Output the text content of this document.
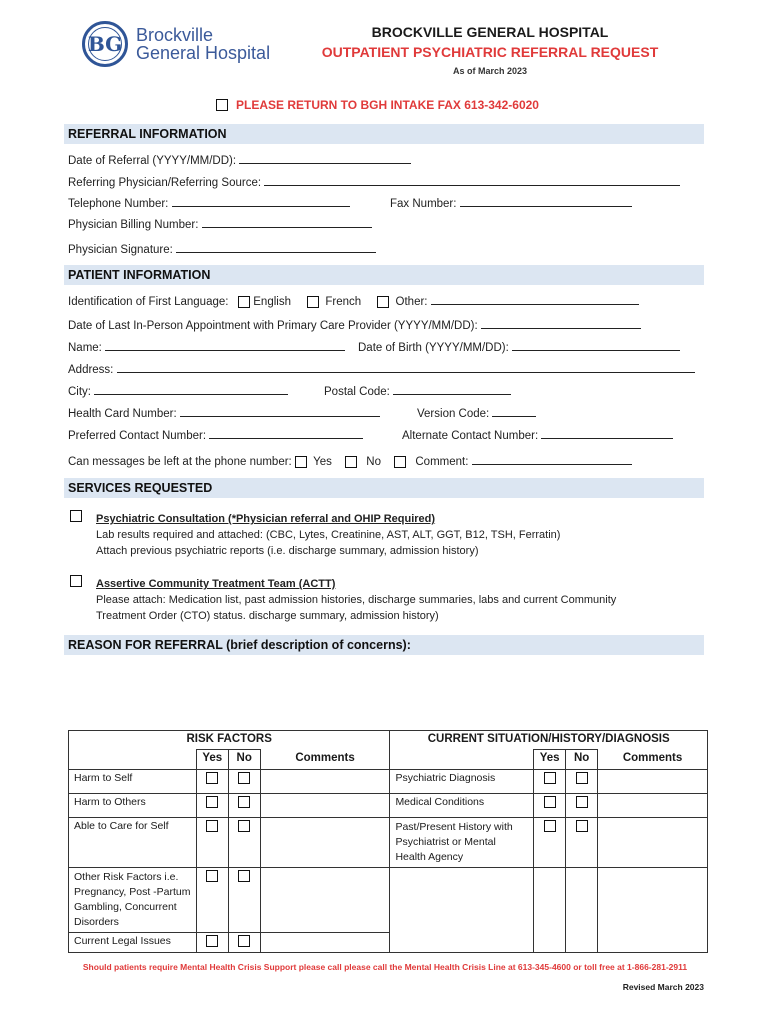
BG Brockville
General Hospital
BROCKVILLE GENERAL HOSPITAL
OUTPATIENT PSYCHIATRIC REFERRAL REQUEST
As of March 2023
PLEASE RETURN TO BGH INTAKE FAX 613-342-6020
REFERRAL INFORMATION
Date of Referral (YYYY/MM/DD):
Referring Physician/Referring Source:
Telephone Number:	Fax Number:
Physician Billing Number:
Physician Signature:
PATIENT INFORMATION
Identification of First Language: English	French	Other:
Date of Last In-Person Appointment with Primary Care Provider (YYYY/MM/DD):
Name:	Date of Birth (YYYY/MM/DD):
Address:
City:	Postal Code:
Health Card Number:	Version Code:
Preferred Contact Number:	Alternate Contact Number:
Can messages be left at the phone number: Yes	No	Comment:
SERVICES REQUESTED
Psychiatric Consultation (*Physician referral and OHIP Required)
Lab results required and attached: (CBC, Lytes, Creatinine, AST, ALT, GGT, B12, TSH, Ferratin)
Attach previous psychiatric reports (i.e. discharge summary, admission history)
Assertive Community Treatment Team (ACTT)
Please attach: Medication list, past admission histories, discharge summaries, labs and current Community
Treatment Order (CTO) status. discharge summary, admission history)
REASON FOR REFERRAL (brief description of concerns):
RISK FACTORS				CURRENT SITUATION/HISTORY/DIAGNOSIS			
	Yes	No	Comments		Yes	No	Comments
Harm to Self				Psychiatric Diagnosis			
Harm to Others				Medical Conditions			
Able to Care for Self				Past/Present History with Psychiatrist or Mental Health Agency			
Other Risk Factors i.e. Pregnancy, Post -Partum Gambling, Concurrent Disorders							
Current Legal Issues							
Should patients require Mental Health Crisis Support please call please call the Mental Health Crisis Line at 613-345-4600 or toll free at 1-866-281-2911
Revised March 2023
